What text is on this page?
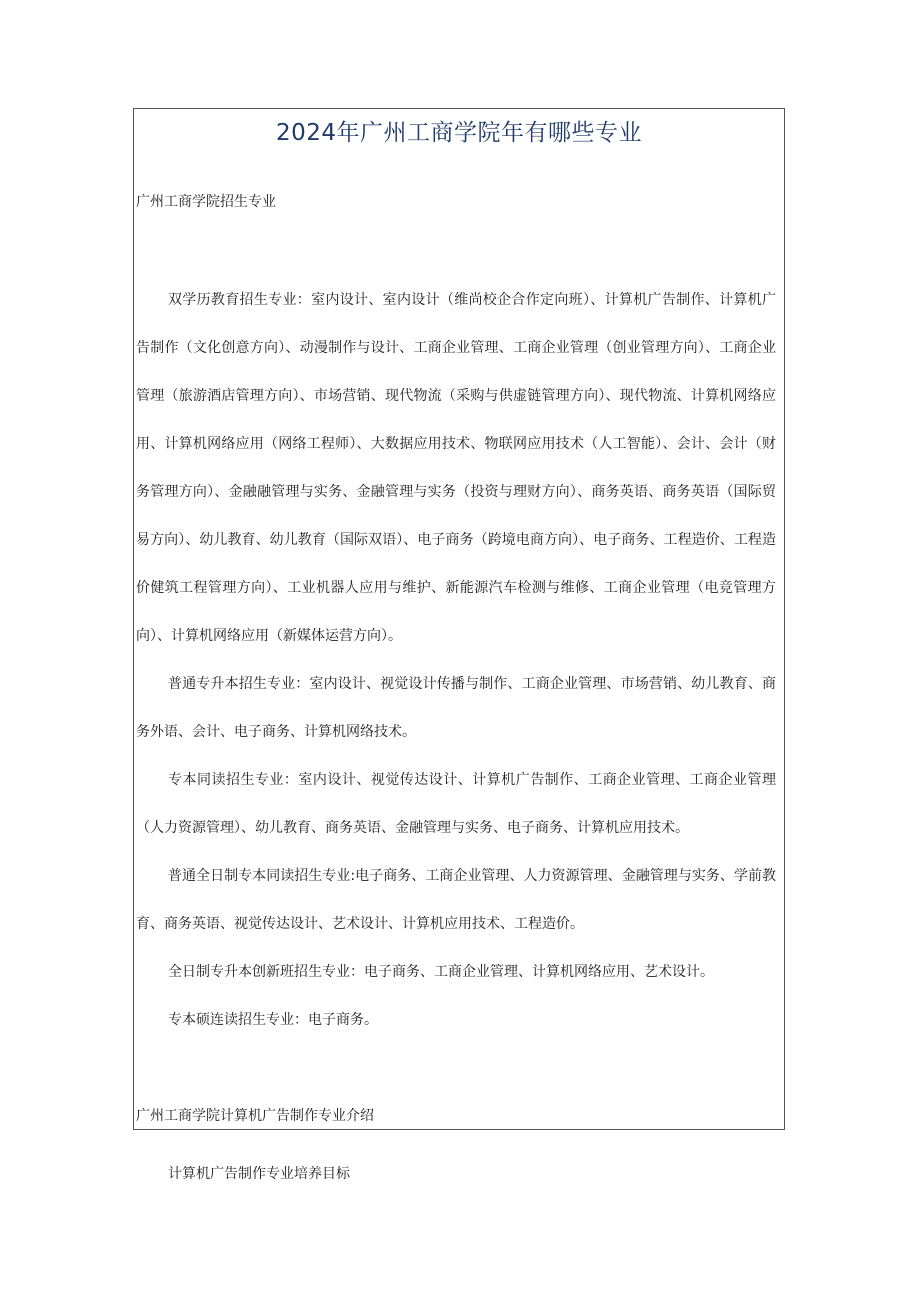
2024年广州工商学院年有哪些专业
广州工商学院招生专业

双学历教育招生专业：室内设计、室内设计（维尚校企合作定向班）、计算机广告制作、计算机广告制作（文化创意方向）、动漫制作与设计、工商企业管理、工商企业管理（创业管理方向）、工商企业管理（旅游酒店管理方向）、市场营销、现代物流（采购与供虚链管理方向）、现代物流、计算机网络应用、计算机网络应用（网络工程师）、大数据应用技术、物联网应用技术（人工智能）、会计、会计（财务管理方向）、金融融管理与实务、金融管理与实务（投资与理财方向）、商务英语、商务英语（国际贸易方向）、幼儿教育、幼儿教育（国际双语）、电子商务（跨境电商方向）、电子商务、工程造价、工程造价健筑工程管理方向）、工业机器人应用与维护、新能源汽车检测与维修、工商企业管理（电竞管理方向）、计算机网络应用（新媒体运营方向）。

普通专升本招生专业：室内设计、视觉设计传播与制作、工商企业管理、市场营销、幼儿教育、商务外语、会计、电子商务、计算机网络技术。

专本同读招生专业：室内设计、视觉传达设计、计算机广告制作、工商企业管理、工商企业管理（人力资源管理）、幼儿教育、商务英语、金融管理与实务、电子商务、计算机应用技术。

普通全日制专本同读招生专业:电子商务、工商企业管理、人力资源管理、金融管理与实务、学前教育、商务英语、视觉传达设计、艺术设计、计算机应用技术、工程造价。

全日制专升本创新班招生专业：电子商务、工商企业管理、计算机网络应用、艺术设计。

专本硕连读招生专业：电子商务。

广州工商学院计算机广告制作专业介绍

计算机广告制作专业培养目标
